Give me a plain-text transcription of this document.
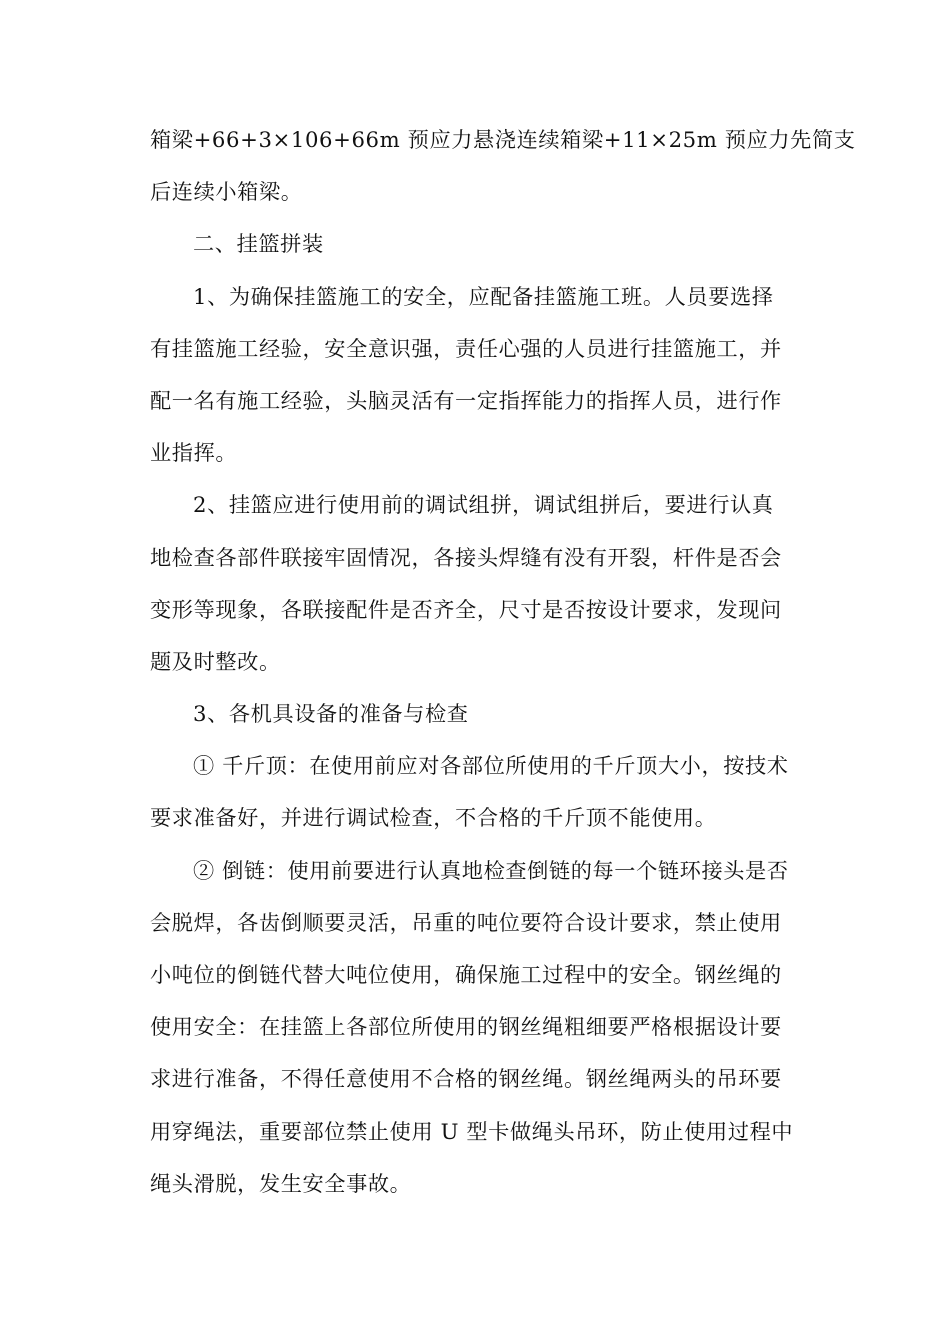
箱梁+66+3×106+66m 预应力悬浇连续箱梁+11×25m 预应力先简支
后连续小箱梁。
二、挂篮拼装
1、为确保挂篮施工的安全，应配备挂篮施工班。人员要选择
有挂篮施工经验，安全意识强，责任心强的人员进行挂篮施工，并
配一名有施工经验，头脑灵活有一定指挥能力的指挥人员，进行作
业指挥。
2、挂篮应进行使用前的调试组拼，调试组拼后，要进行认真
地检查各部件联接牢固情况，各接头焊缝有没有开裂，杆件是否会
变形等现象，各联接配件是否齐全，尺寸是否按设计要求，发现问
题及时整改。
3、各机具设备的准备与检查
① 千斤顶：在使用前应对各部位所使用的千斤顶大小，按技术
要求准备好，并进行调试检查，不合格的千斤顶不能使用。
② 倒链：使用前要进行认真地检查倒链的每一个链环接头是否
会脱焊，各齿倒顺要灵活，吊重的吨位要符合设计要求，禁止使用
小吨位的倒链代替大吨位使用，确保施工过程中的安全。钢丝绳的
使用安全：在挂篮上各部位所使用的钢丝绳粗细要严格根据设计要
求进行准备，不得任意使用不合格的钢丝绳。钢丝绳两头的吊环要
用穿绳法，重要部位禁止使用 U 型卡做绳头吊环，防止使用过程中
绳头滑脱，发生安全事故。
